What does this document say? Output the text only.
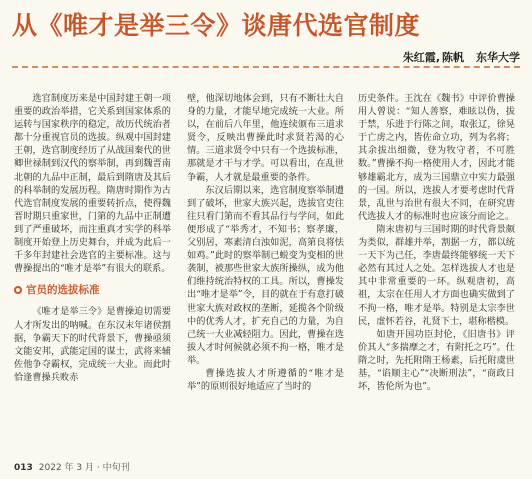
从《唯才是举三令》谈唐代选官制度
朱红霞, 陈帆 东华大学

选官制度历来是中国封建王朝一项重要的政治举措，它关系到国家体系的运转与国家秩序的稳定，故历代统治者都十分重视官员的选拔。纵观中国封建王朝，选官制度经历了从战国秦代的世卿世禄制到汉代的察举制，再到魏晋南北朝的九品中正制，最后到隋唐及其后的科举制的发展历程。隋唐时期作为古代选官制度发展的重要转折点，使得魏晋时期只重家世，门第的九品中正制遭到了严重破坏，而注重真才实学的科举制度开始登上历史舞台，并成为此后一千多年封建社会选官的主要标准。这与曹操提出的“唯才是举”有很大的联系。

官员的选拔标准

《唯才是举三令》是曹操迫切需要人才所发出的呐喊。在东汉末年诸侯割据，争霸天下的时代背景下，曹操亟须文能安邦，武能定国的谋士，武将来辅佐他争夺霸权，完成统一大业。而此时恰逢曹操兵败赤

壁，他深切地体会到，只有不断壮大自身的力量，才能早地完成统一大业。所以，在前后八年里，他连续颁布三道求贤令，反映出曹操此时求贤若渴的心情。三道求贤令中只有一个选拔标准，那就是才干与才学。可以看出，在乱世争霸，人才就是最重要的条件。

东汉后期以来，选官制度察举制遭到了破坏，世家大族兴起，选拔官吏往往只看门第而不看其品行与学问，如此便形成了“举秀才，不知书；察孝廉，父别居，寒素清白浊如泥，高第良将怯如鸡。”此时的察举制已蜕变为变相的世袭制，被那些世家大族所操纵，成为他们维持统治特权的工具。所以，曹操发出“唯才是举”令，目的就在于有意打破世家大族对政权的垄断，延揽各个阶级中的优秀人才，扩充自己的力量，为自己统一大业减轻阻力。因此，曹操在选拔人才时何候就必须不拘一格，唯才是举。

曹操选拔人才所遵循的“唯才是举”的原则很好地适应了当时的

历史条件。王沈在《魏书》中评价曹操用人曾说：“知人善察，难眩以伪，拔于禁，乐进于行陈之间，取张辽，徐晃于亡虏之内，皆佐命立功，列为名将；其余拔出细微，登为牧守者，不可胜数。”曹操不拘一格使用人才，因此才能够雄霸北方，成为三国鼎立中实力最强的一国。所以，选拔人才要考虑时代背景，乱世与治世有很大不同，在研究唐代选拔人才的标准时也应该分而论之。

隋末唐初与三国时期的时代背景颇为类似，群雄并举，割据一方，都以统一天下为己任，李唐最终能够统一天下必然有其过人之处。怎样选拔人才也是其中非常重要的一环。纵观唐初，高祖，太宗在任用人才方面也确实做到了不拘一格，唯才是举。特别是太宗李世民，虚怀若谷，礼贤下士，堪称楷模。

如唐开国功臣封伦，《旧唐书》评价其人“多揣摩之才，有附托之巧”。仕隋之时，先托附隋王杨素，后托附虞世基，“谄顺主心”“决断刑法”，“商政日坏，皆伦所为也”。

013 2022 年 3 月 · 中旬刊
